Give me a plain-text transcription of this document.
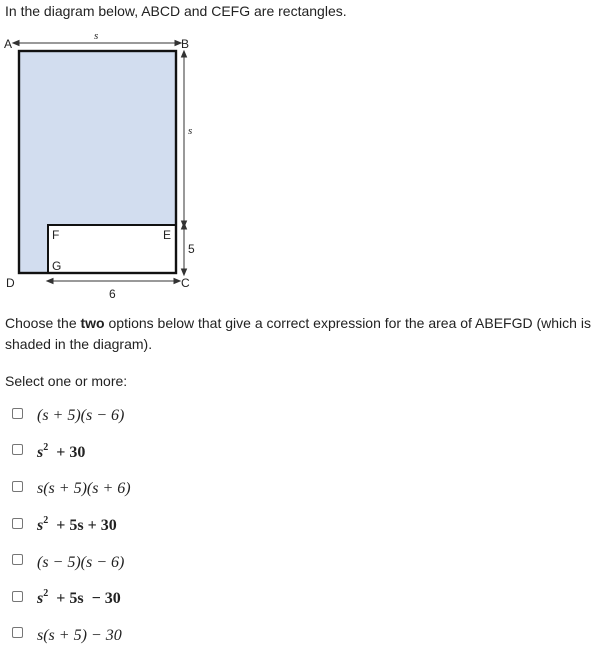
In the diagram below, ABCD and CEFG are rectangles.

A	B
C
D
E
F
G
s
s
5
6

Choose the two options below that give a correct expression for the area of ABEFGD (which is shaded in the diagram).

Select one or more:

(s + 5)(s − 6)
$s^2 + 30$
s(s + 5)(s + 6)
$s^2 + 5s + 30$
(s − 5)(s − 6)
$s^2 + 5s - 30$
s(s + 5) − 30
